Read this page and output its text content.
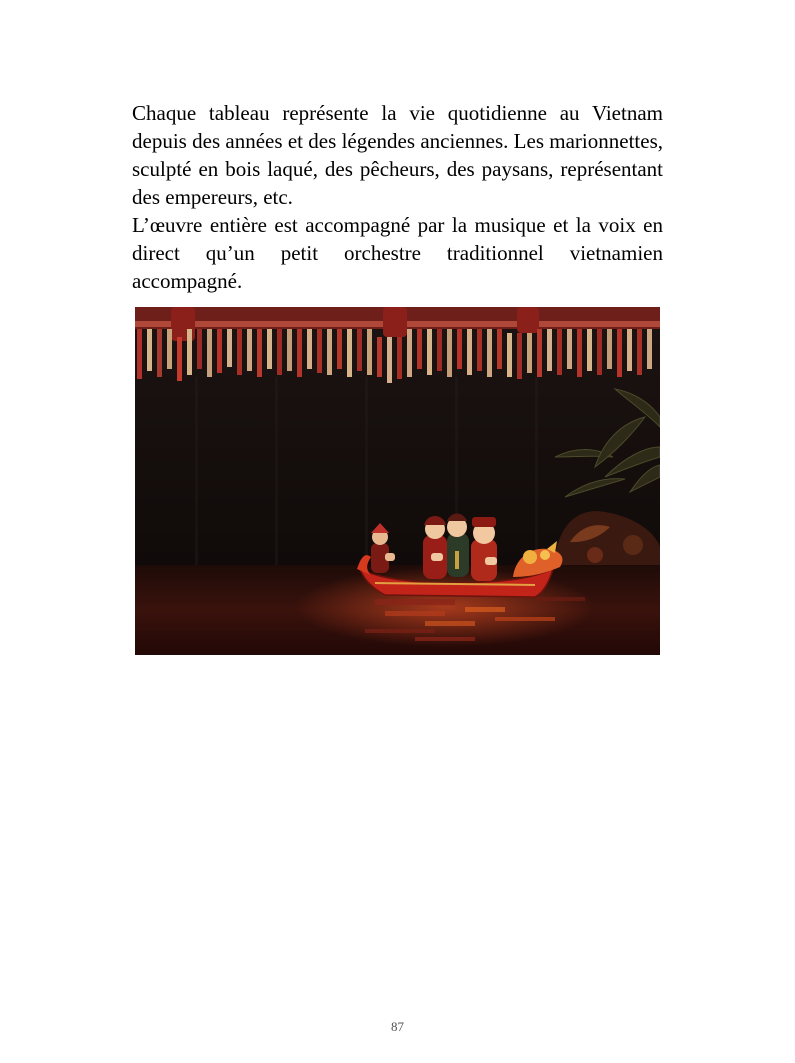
Chaque tableau représente la vie quotidienne au Vietnam depuis des années et des légendes anciennes. Les marionnettes, sculpté en bois laqué, des pêcheurs, des paysans, représentant des empereurs, etc.

L’œuvre entière est accompagné par la musique et la voix en direct qu’un petit orchestre traditionnel vietnamien accompagné.

87
